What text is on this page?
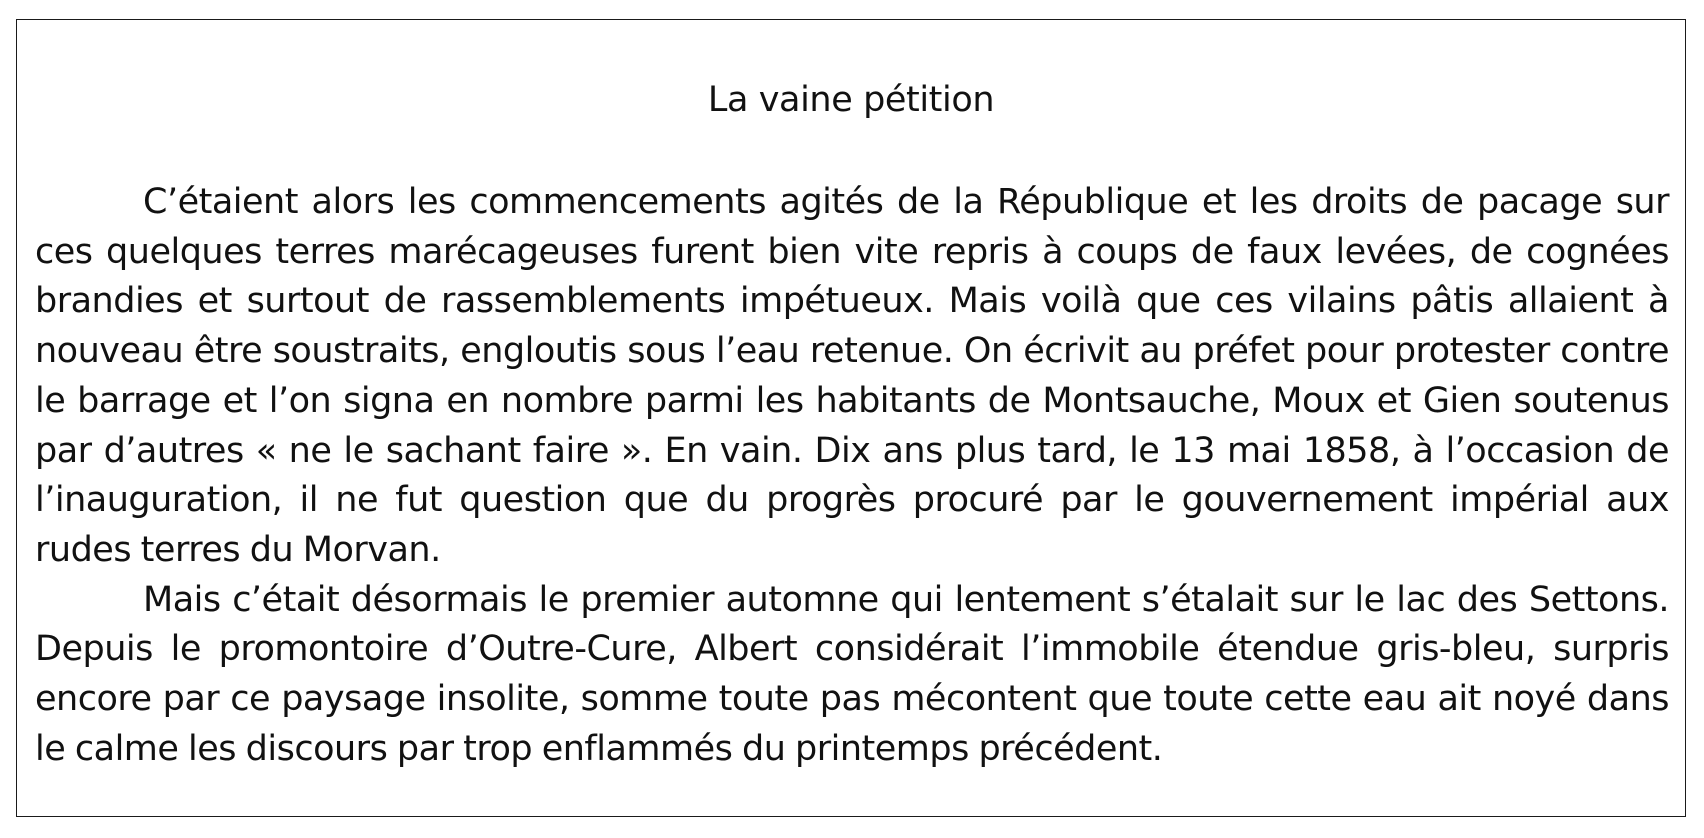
La vaine pétition

C’étaient alors les commencements agités de la République et les droits de pacage sur ces quelques terres marécageuses furent bien vite repris à coups de faux levées, de cognées brandies et surtout de rassemblements impétueux. Mais voilà que ces vilains pâtis allaient à nouveau être soustraits, engloutis sous l’eau retenue. On écrivit au préfet pour protester contre le barrage et l’on signa en nombre parmi les habitants de Montsauche, Moux et Gien soutenus par d’autres « ne le sachant faire ». En vain. Dix ans plus tard, le 13 mai 1858, à l’occasion de l’inauguration, il ne fut question que du progrès procuré par le gouvernement impérial aux rudes terres du Morvan.

Mais c’était désormais le premier automne qui lentement s’étalait sur le lac des Settons. Depuis le promontoire d’Outre-Cure, Albert considérait l’immobile étendue gris-bleu, surpris encore par ce paysage insolite, somme toute pas mécontent que toute cette eau ait noyé dans le calme les discours par trop enflammés du printemps précédent.
